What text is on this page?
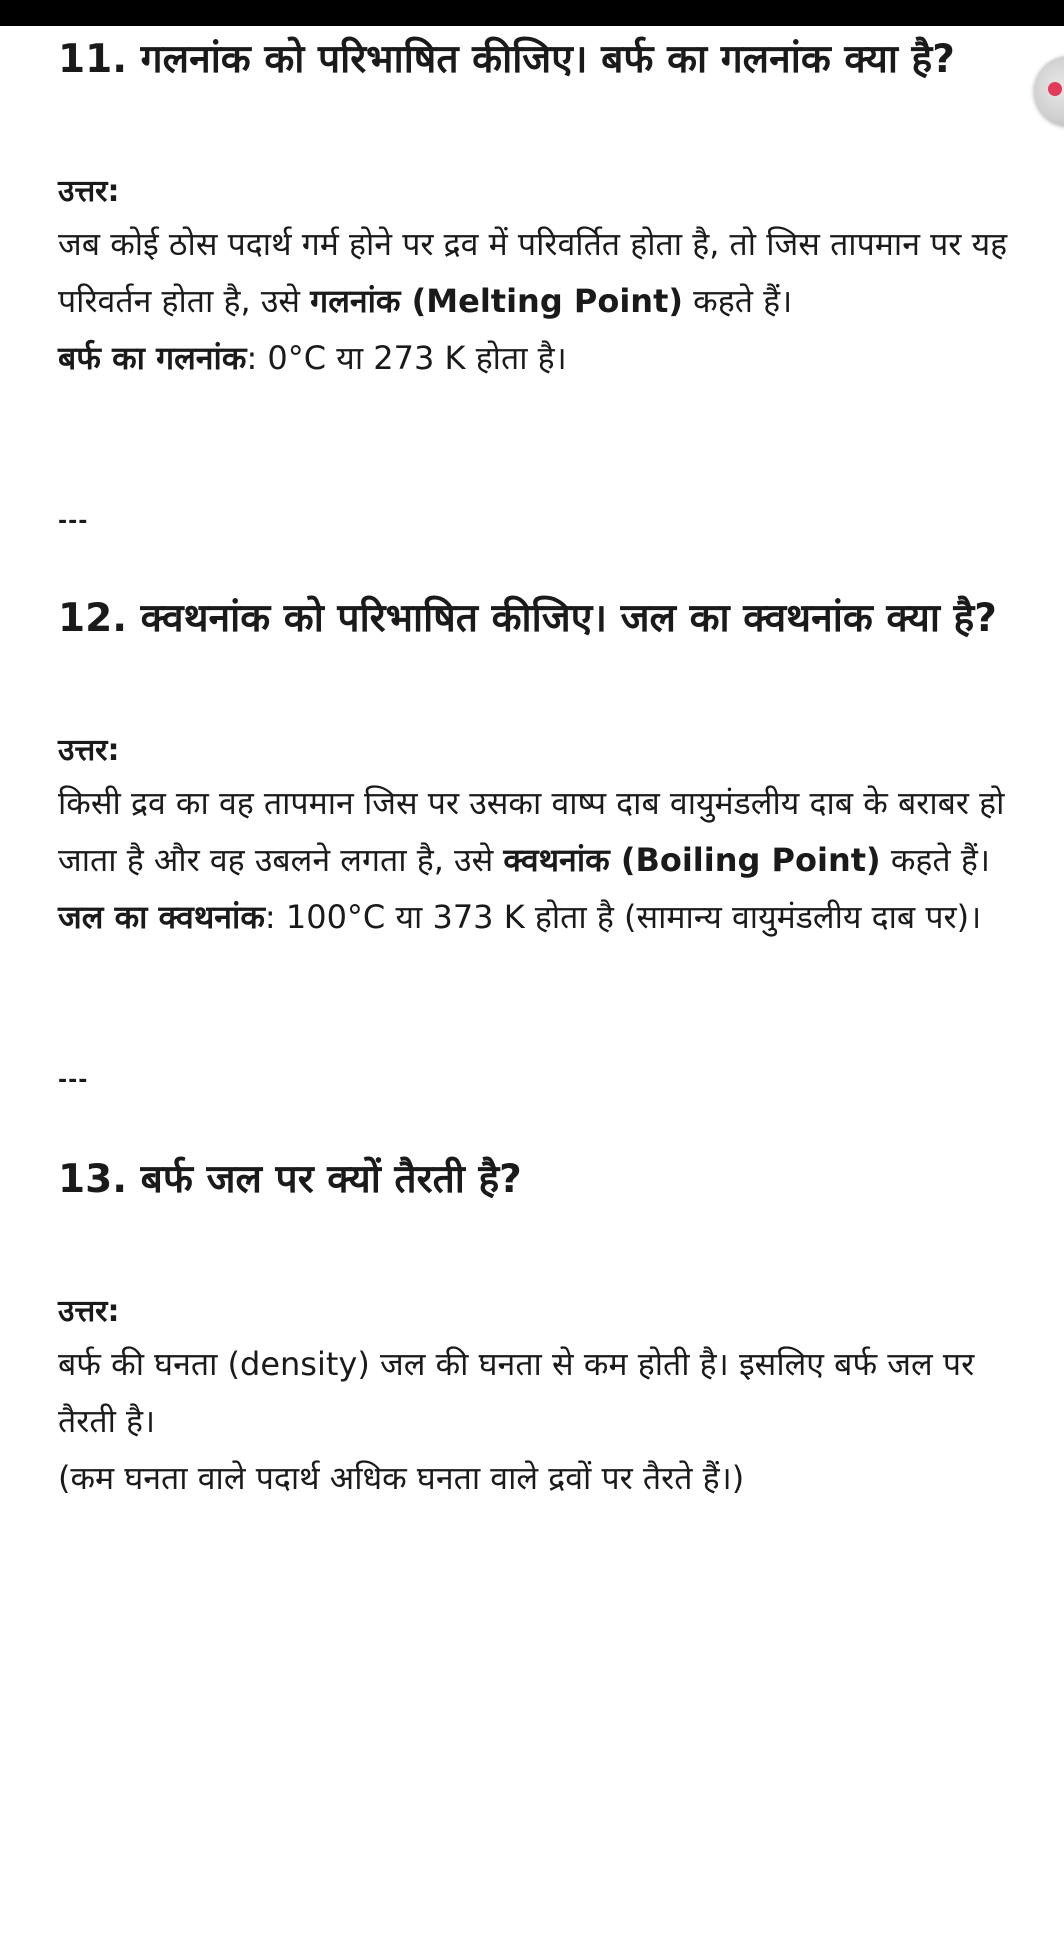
11. गलनांक को परिभाषित कीजिए। बर्फ का गलनांक क्या है?

उत्तर:

जब कोई ठोस पदार्थ गर्म होने पर द्रव में परिवर्तित होता है, तो जिस तापमान पर यह परिवर्तन होता है, उसे गलनांक (Melting Point) कहते हैं।

बर्फ का गलनांक: 0°C या 273 K होता है।

---

12. क्वथनांक को परिभाषित कीजिए। जल का क्वथनांक क्या है?

उत्तर:

किसी द्रव का वह तापमान जिस पर उसका वाष्प दाब वायुमंडलीय दाब के बराबर हो जाता है और वह उबलने लगता है, उसे क्वथनांक (Boiling Point) कहते हैं।

जल का क्वथनांक: 100°C या 373 K होता है (सामान्य वायुमंडलीय दाब पर)।

---

13. बर्फ जल पर क्यों तैरती है?

उत्तर:

बर्फ की घनता (density) जल की घनता से कम होती है। इसलिए बर्फ जल पर तैरती है।

(कम घनता वाले पदार्थ अधिक घनता वाले द्रवों पर तैरते हैं।)
